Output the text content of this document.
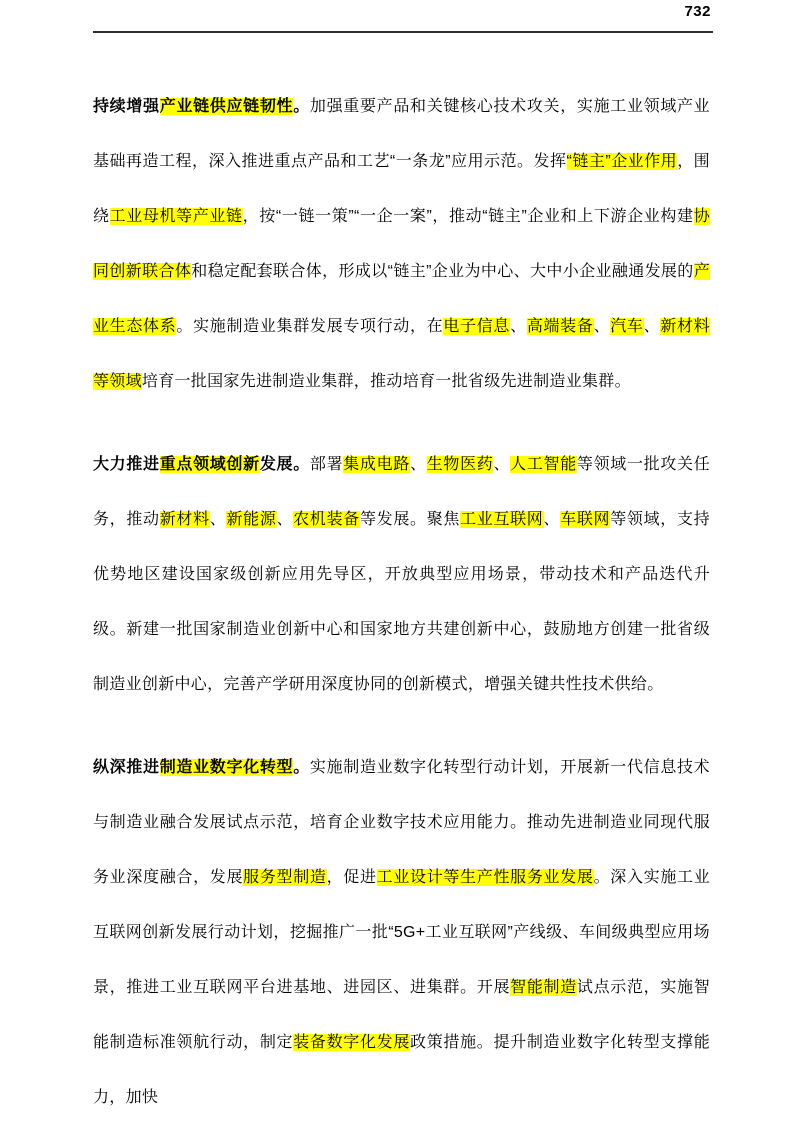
732

持续增强产业链供应链韧性。加强重要产品和关键核心技术攻关，实施工业领域产业基础再造工程，深入推进重点产品和工艺“一条龙”应用示范。发挥“链主”企业作用，围绕工业母机等产业链，按“一链一策”“一企一案”，推动“链主”企业和上下游企业构建协同创新联合体和稳定配套联合体，形成以“链主”企业为中心、大中小企业融通发展的产业生态体系。实施制造业集群发展专项行动，在电子信息、高端装备、汽车、新材料等领域培育一批国家先进制造业集群，推动培育一批省级先进制造业集群。

大力推进重点领域创新发展。部署集成电路、生物医药、人工智能等领域一批攻关任务，推动新材料、新能源、农机装备等发展。聚焦工业互联网、车联网等领域，支持优势地区建设国家级创新应用先导区，开放典型应用场景，带动技术和产品迭代升级。新建一批国家制造业创新中心和国家地方共建创新中心，鼓励地方创建一批省级制造业创新中心，完善产学研用深度协同的创新模式，增强关键共性技术供给。

纵深推进制造业数字化转型。实施制造业数字化转型行动计划，开展新一代信息技术与制造业融合发展试点示范，培育企业数字技术应用能力。推动先进制造业同现代服务业深度融合，发展服务型制造，促进工业设计等生产性服务业发展。深入实施工业互联网创新发展行动计划，挖掘推广一批“5G+工业互联网”产线级、车间级典型应用场景，推进工业互联网平台进基地、进园区、进集群。开展智能制造试点示范，实施智能制造标准领航行动，制定装备数字化发展政策措施。提升制造业数字化转型支撑能力，加快
